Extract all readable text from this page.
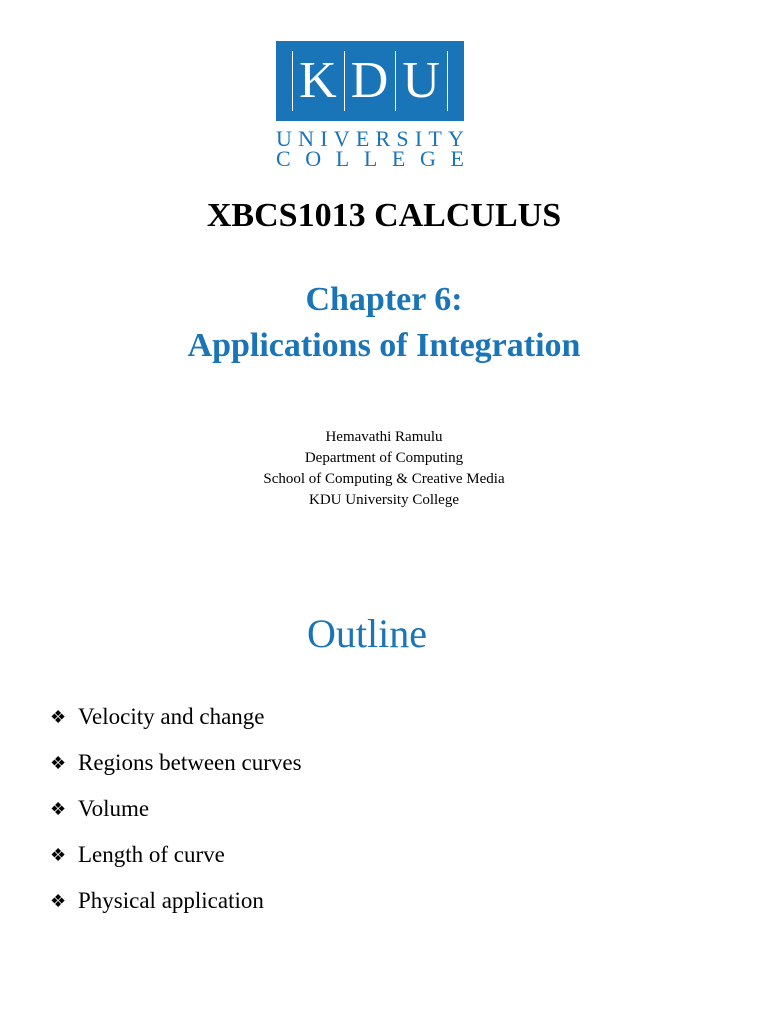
K D U
U N I V E R S I T Y
C O L L E G E
XBCS1013 CALCULUS
Chapter 6:
Applications of Integration
Hemavathi Ramulu
Department of Computing
School of Computing & Creative Media
KDU University College
Outline
❖ Velocity and change
❖ Regions between curves
❖ Volume
❖ Length of curve
❖ Physical application
